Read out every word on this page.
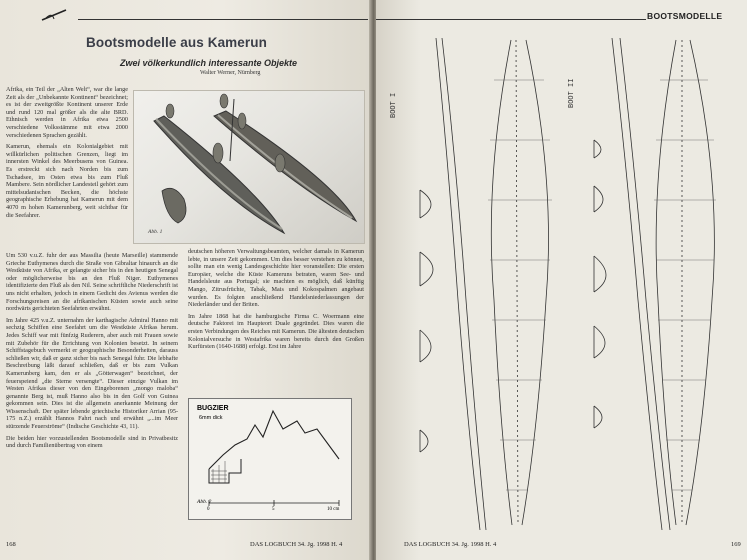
Bootsmodelle aus Kamerun
Zwei völkerkundlich interessante Objekte
Walter Werner, Nürnberg

Afrika, ein Teil der „Alten Welt“, war die lange Zeit als der „Unbekannte Kontinent“ bezeichnet; es ist der zweitgrößte Kontinent unserer Erde und rund 120 mal größer als die alte BRD. Ethnisch werden in Afrika etwa 2500 verschiedene Volksstämme mit etwa 2000 verschiedenen Sprachen gezählt.

Kamerun, ehemals ein Kolonialgebiet mit willkürlichen politischen Grenzen, liegt im innersten Winkel des Meerbusens von Guinea. Es erstreckt sich nach Norden bis zum Tschadsee, im Osten etwa bis zum Fluß Mambere. Sein nördlicher Landesteil gehört zum mittelsudanischen Becken, die höchste geographische Erhebung hat Kamerun mit dem 4070 m hohen Kamerunberg, weit sichtbar für die Seefahrer.

Abb. 1

Um 530 v.u.Z. fuhr der aus Massilia (heute Marseille) stammende Grieche Euthymenes durch die Straße von Gibraltar hinaurch an die Westküste von Afrika, er gelangte sicher bis in den heutigen Senegal oder möglicherweise bis an den Fluß Niger. Euthymenes identifizierte den Fluß als den Nil. Seine schriftliche Niederschrift ist uns nicht erhalten, jedoch in einem Gedicht des Avienus werden die Forschungsreisen an die afrikanischen Küsten sowie auch seine nordwärts gerichteten Seefahrten erwähnt.

Im Jahre 425 v.u.Z. unternahm der karthagische Admiral Hanno mit sechzig Schiffen eine Seefahrt um die Westküste Afrikas herum. Jedes Schiff war mit fünfzig Ruderern, aber auch mit Frauen sowie mit Zubehör für die Errichtung von Kolonien besetzt. In seinem Schiffstagebuch vermerkt er geographische Besonderheiten, darauss schließen wir, daß er ganz sicher bis nach Senegal fuhr. Die lebhafte Beschreibung läßt darauf schließen, daß er bis zum Vulkan Kamerunberg kam, den er als „Götterwagen“ bezeichnet, der feuerspeiend „die Sterne versengte“. Dieser einzige Vulkan im Westen Afrikas dieser von den Eingeborenen „mongo maloba“ genannte Berg ist, muß Hanno also bis in den Golf von Guinea gekommen sein. Dies ist die allgemein anerkannte Meinung der Wissenschaft. Der später lebende griechische Historiker Arrian (95-175 n.Z.) erzählt Hannos Fahrt nach und erwähnt „...im Meer stürzende Feuerströme“ (Indische Geschichte 43, 11).

Die beiden hier vorzustellenden Bootsmodelle sind in Privatbesitz und durch Familienübertrag von einem

deutschen höheren Verwaltungsbeamten, welcher damals in Kamerun lebte, in unsere Zeit gekommen. Um dies besser verstehen zu können, sollte man ein wenig Landesgeschichte hier voranstellen: Die ersten Europäer, welche die Küste Kameruns betraten, waren See- und Handelsleute aus Portugal; sie machten es möglich, daß künftig Mango, Zitrusfrüchte, Tabak, Mais und Kokospalmen angebaut wurden. Es folgten anschließend Handelsniederlassungen der Niederländer und der Briten.

Im Jahre 1868 hat die hamburgische Firma C. Woermann eine deutsche Faktorei im Haupteort Duale gegründet. Dies waren die ersten Verbindungen des Reiches mit Kamerun. Die ältesten deutschen Kolonialversuche in Westafrika waren bereits durch den Großen Kurfürsten (1640-1688) erfolgt. Erst im Jahre

BUGZIER
6mm dick
Abb. 2
0	5	10 cm
168	DAS LOGBUCH 34. Jg. 1998 H. 4
BOOTSMODELLE
BOOT I	BOOT II
DAS LOGBUCH 34. Jg. 1998 H. 4	169
